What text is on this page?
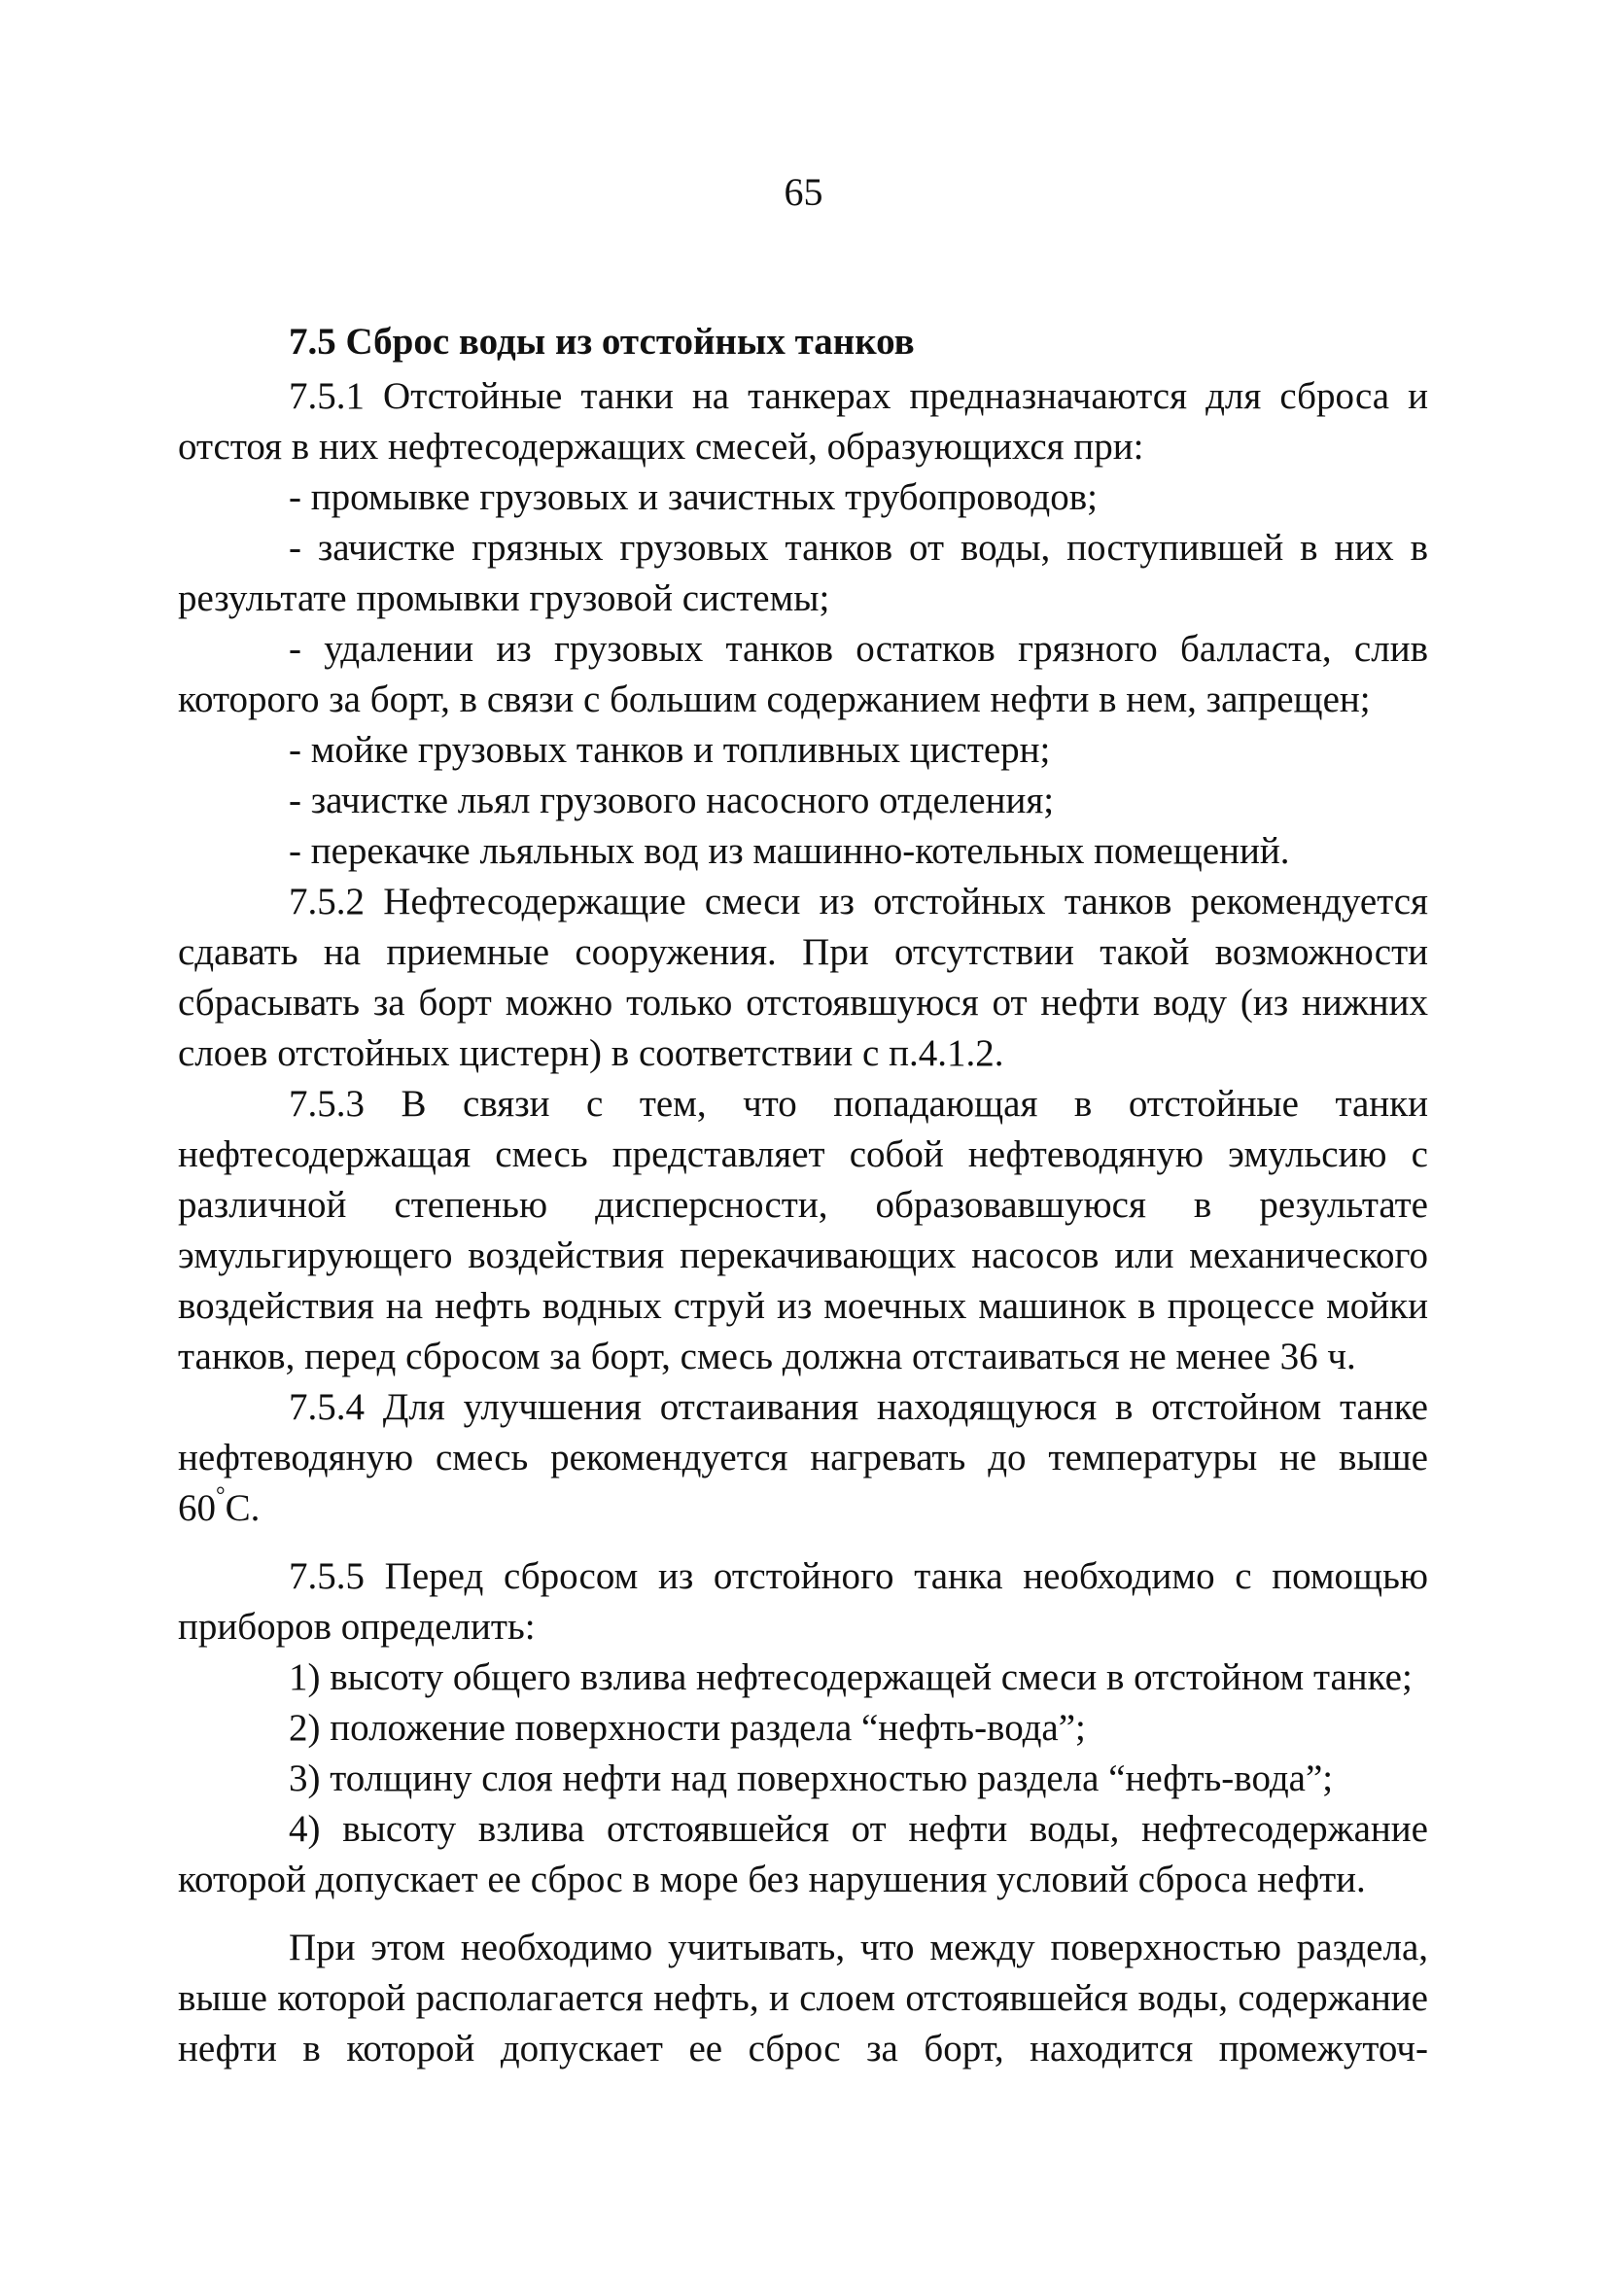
65
7.5 Сброс воды из отстойных танков

7.5.1 Отстойные танки на танкерах предназначаются для сброса и отстоя в них нефтесодержащих смесей, образующихся при:

- промывке грузовых и зачистных трубопроводов;

- зачистке грязных грузовых танков от воды, поступившей в них в результате промывки грузовой системы;

- удалении из грузовых танков остатков грязного балласта, слив которого за борт, в связи с большим содержанием нефти в нем, запрещен;

- мойке грузовых танков и топливных цистерн;

- зачистке льял грузового насосного отделения;

- перекачке льяльных вод из машинно-котельных помещений.

7.5.2 Нефтесодержащие смеси из отстойных танков рекомендуется сдавать на приемные сооружения. При отсутствии такой возможности сбрасывать за борт можно только отстоявшуюся от нефти воду (из нижних слоев отстойных цистерн) в соответствии с п.4.1.2.

7.5.3 В связи с тем, что попадающая в отстойные танки нефтесодержащая смесь представляет собой нефтеводяную эмульсию с различной степенью дисперсности, образовавшуюся в результате эмульгирующего воздействия перекачивающих насосов или механического воздействия на нефть водных струй из моечных машинок в процессе мойки танков, перед сбросом за борт, смесь должна отстаиваться не менее 36 ч.

7.5.4 Для улучшения отстаивания находящуюся в отстойном танке нефтеводяную смесь рекомендуется нагревать до температуры не выше 60°С.

7.5.5 Перед сбросом из отстойного танка необходимо с помощью приборов определить:

1) высоту общего взлива нефтесодержащей смеси в отстойном танке;

2) положение поверхности раздела “нефть-вода”;

3) толщину слоя нефти над поверхностью раздела “нефть-вода”;

4) высоту взлива отстоявшейся от нефти воды, нефтесодержание которой допускает ее сброс в море без нарушения условий сброса нефти.

При этом необходимо учитывать, что между поверхностью раздела, выше которой располагается нефть, и слоем отстоявшейся воды, содержание нефти в которой допускает ее сброс за борт, находится промежуточ-
